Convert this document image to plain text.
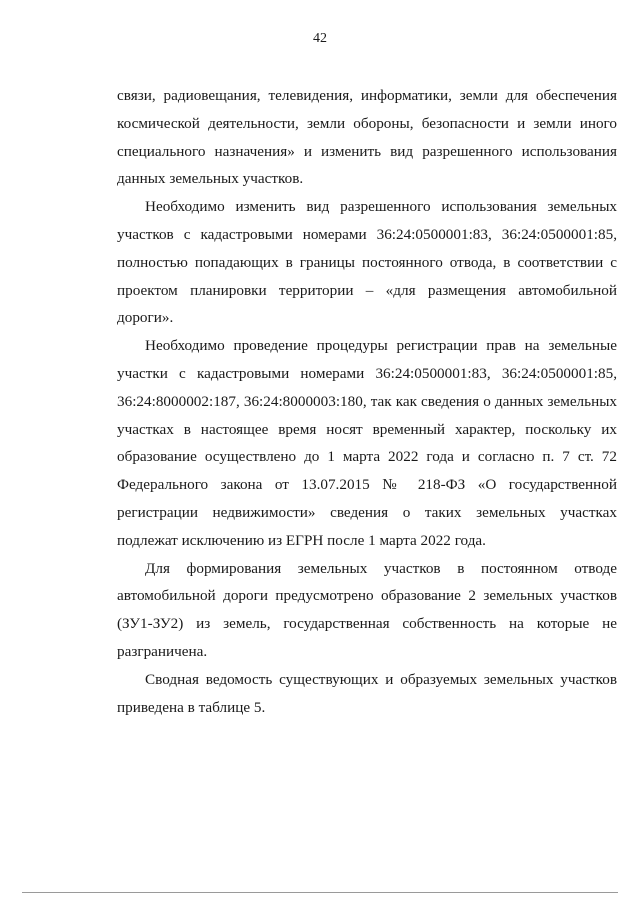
42

связи, радиовещания, телевидения, информатики, земли для обеспечения космической деятельности, земли обороны, безопасности и земли иного специального назначения» и изменить вид разрешенного использования данных земельных участков.

Необходимо изменить вид разрешенного использования земельных участков с кадастровыми номерами 36:24:0500001:83, 36:24:0500001:85, полностью попадающих в границы постоянного отвода, в соответствии с проектом планировки территории – «для размещения автомобильной дороги».

Необходимо проведение процедуры регистрации прав на земельные участки с кадастровыми номерами 36:24:0500001:83, 36:24:0500001:85, 36:24:8000002:187, 36:24:8000003:180, так как сведения о данных земельных участках в настоящее время носят временный характер, поскольку их образование осуществлено до 1 марта 2022 года и согласно п. 7 ст. 72 Федерального закона от 13.07.2015 № 218-ФЗ «О государственной регистрации недвижимости» сведения о таких земельных участках подлежат исключению из ЕГРН после 1 марта 2022 года.

Для формирования земельных участков в постоянном отводе автомобильной дороги предусмотрено образование 2 земельных участков (ЗУ1-ЗУ2) из земель, государственная собственность на которые не разграничена.

Сводная ведомость существующих и образуемых земельных участков приведена в таблице 5.
